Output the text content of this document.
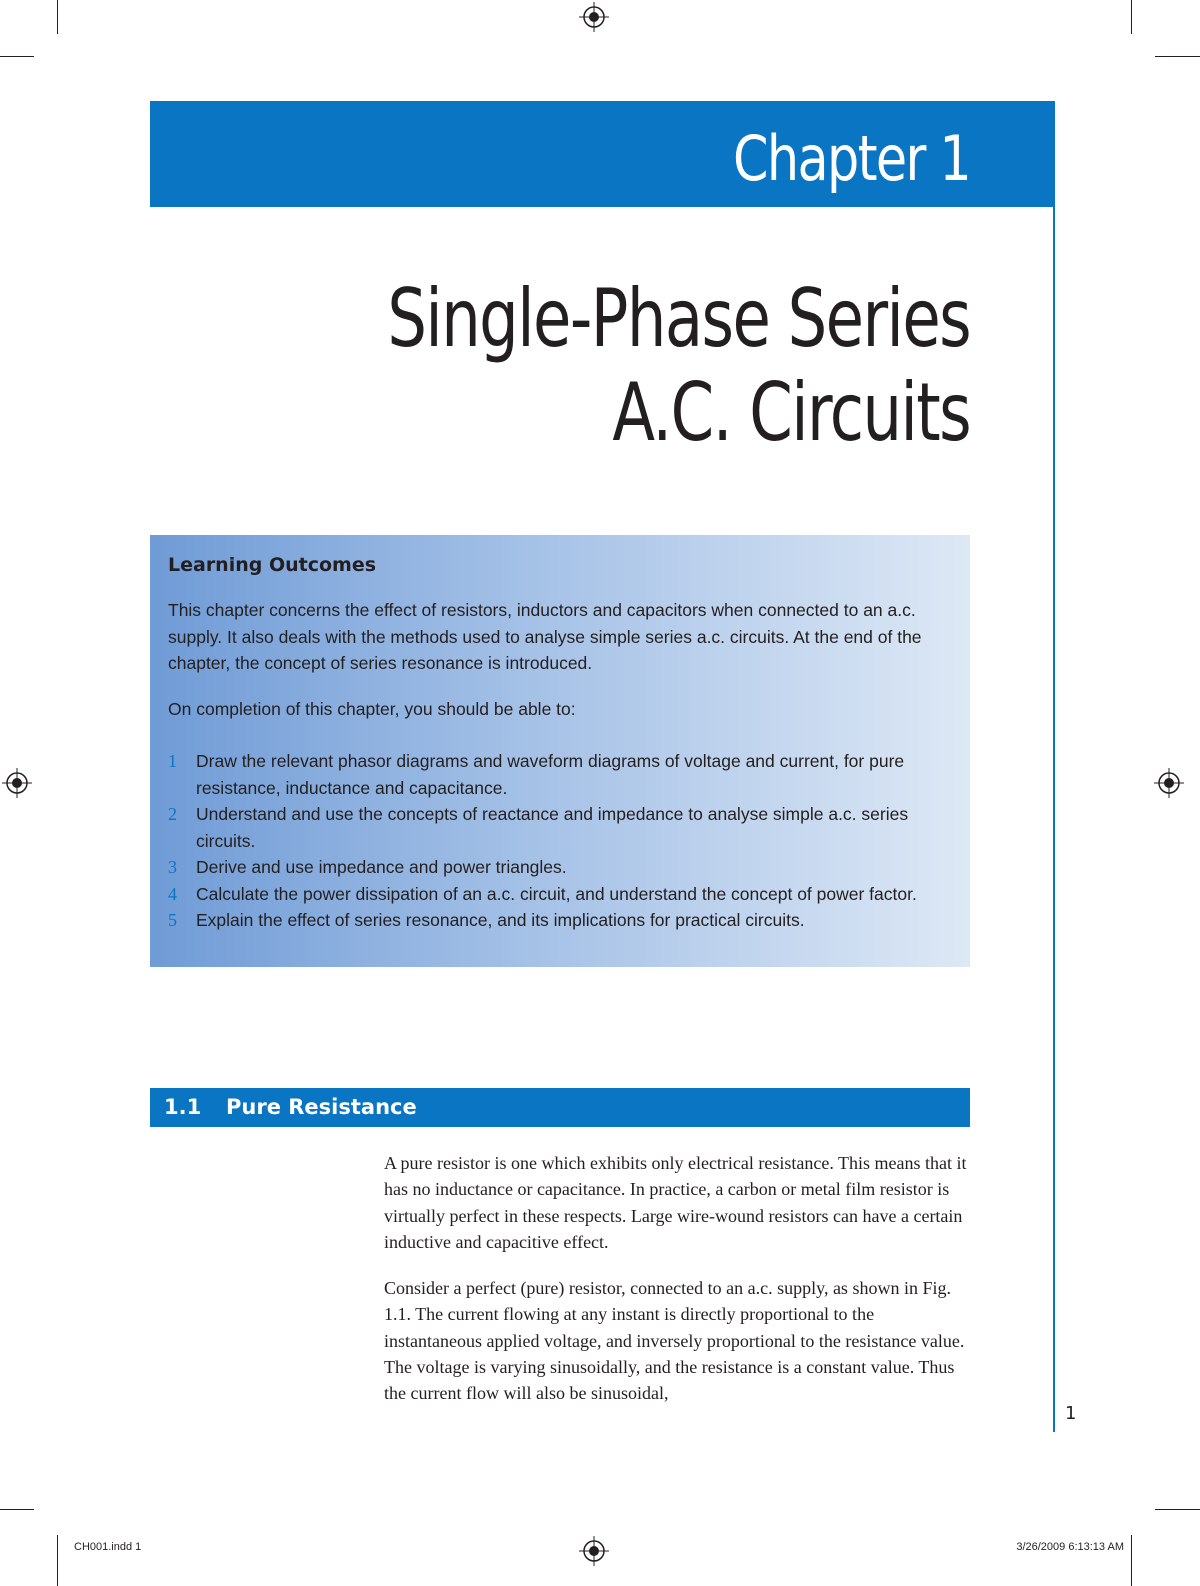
Chapter 1
Single-Phase Series
A.C. Circuits
Learning Outcomes

This chapter concerns the effect of resistors, inductors and capacitors when connected to an a.c. supply. It also deals with the methods used to analyse simple series a.c. circuits. At the end of the chapter, the concept of series resonance is introduced.

On completion of this chapter, you should be able to:

1	Draw the relevant phasor diagrams and waveform diagrams of voltage and current, for pure resistance, inductance and capacitance.
2	Understand and use the concepts of reactance and impedance to analyse simple a.c. series circuits.
3	Derive and use impedance and power triangles.
4	Calculate the power dissipation of an a.c. circuit, and understand the concept of power factor.
5	Explain the effect of series resonance, and its implications for practical circuits.
1.1 Pure Resistance

A pure resistor is one which exhibits only electrical resistance. This means that it has no inductance or capacitance. In practice, a carbon or metal film resistor is virtually perfect in these respects. Large wire-wound resistors can have a certain inductive and capacitive effect.

Consider a perfect (pure) resistor, connected to an a.c. supply, as shown in Fig. 1.1. The current flowing at any instant is directly proportional to the instantaneous applied voltage, and inversely proportional to the resistance value. The voltage is varying sinusoidally, and the resistance is a constant value. Thus the current flow will also be sinusoidal,

1
CH001.indd 1	3/26/2009 6:13:13 AM
